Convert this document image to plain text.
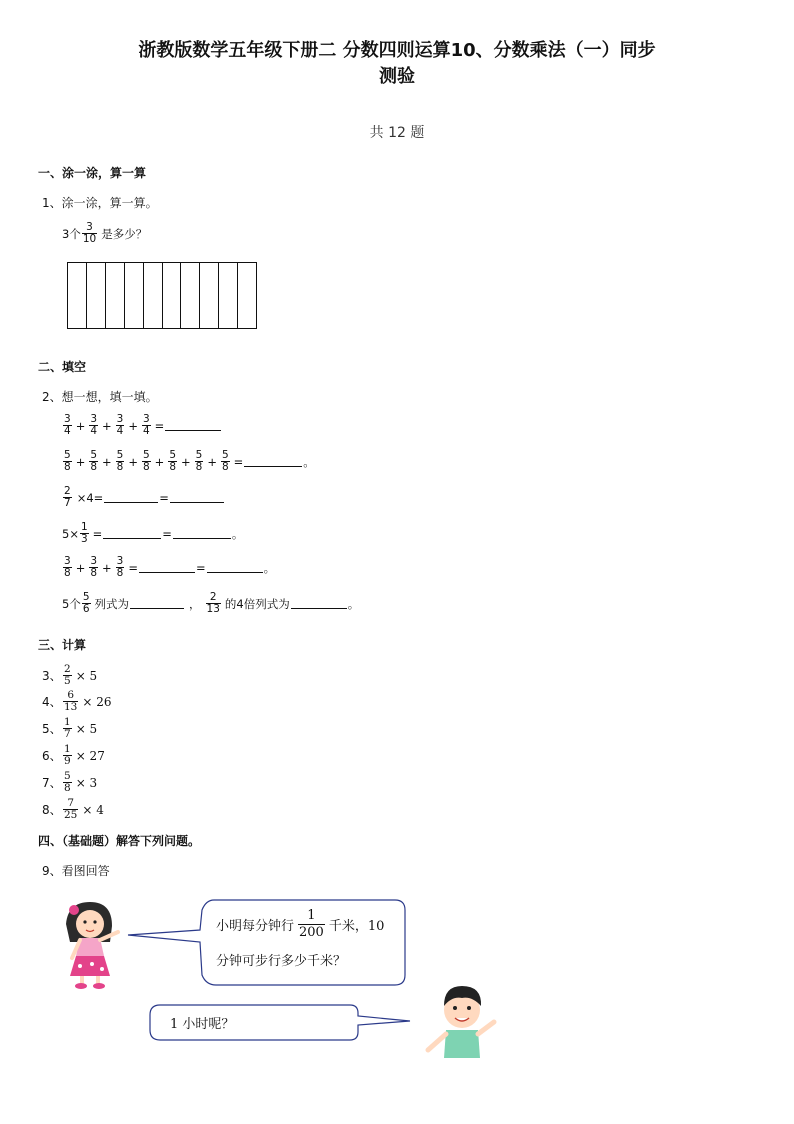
浙教版数学五年级下册二 分数四则运算10、分数乘法（一）同步
测验
共 12 题
一、涂一涂，算一算
1、涂一涂，算一算。
3个 $\frac{3}{10}$ 是多少？
二、填空
2、想一想，填一填。
$\frac{3}{4} + \frac{3}{4} + \frac{3}{4} + \frac{3}{4}$ =
$\frac{5}{8} + \frac{5}{8} + \frac{5}{8} + \frac{5}{8} + \frac{5}{8} + \frac{5}{8} + \frac{5}{8}$ =	。
$\frac{2}{7} \times 4=$	=
$5\times \frac{1}{3}$ =	=	。
$\frac{3}{8} + \frac{3}{8} + \frac{3}{8}$ =	=	。
5个 $\frac{5}{6}$ 列式为	， $\frac{2}{13}$ 的4倍列式为	。
三、计算
3、 $\frac{2}{5} \times 5$
4、 $\frac{6}{13} \times 26$
5、 $\frac{1}{7} \times 5$
6、 $\frac{1}{9} \times 27$
7、 $\frac{5}{8} \times 3$
8、 $\frac{7}{25} \times 4$
四、（基础题）解答下列问题。
9、看图回答
小明每分钟行 $\frac{1}{200}$ 千米，10
分钟可步行多少千米？
1 小时呢？
